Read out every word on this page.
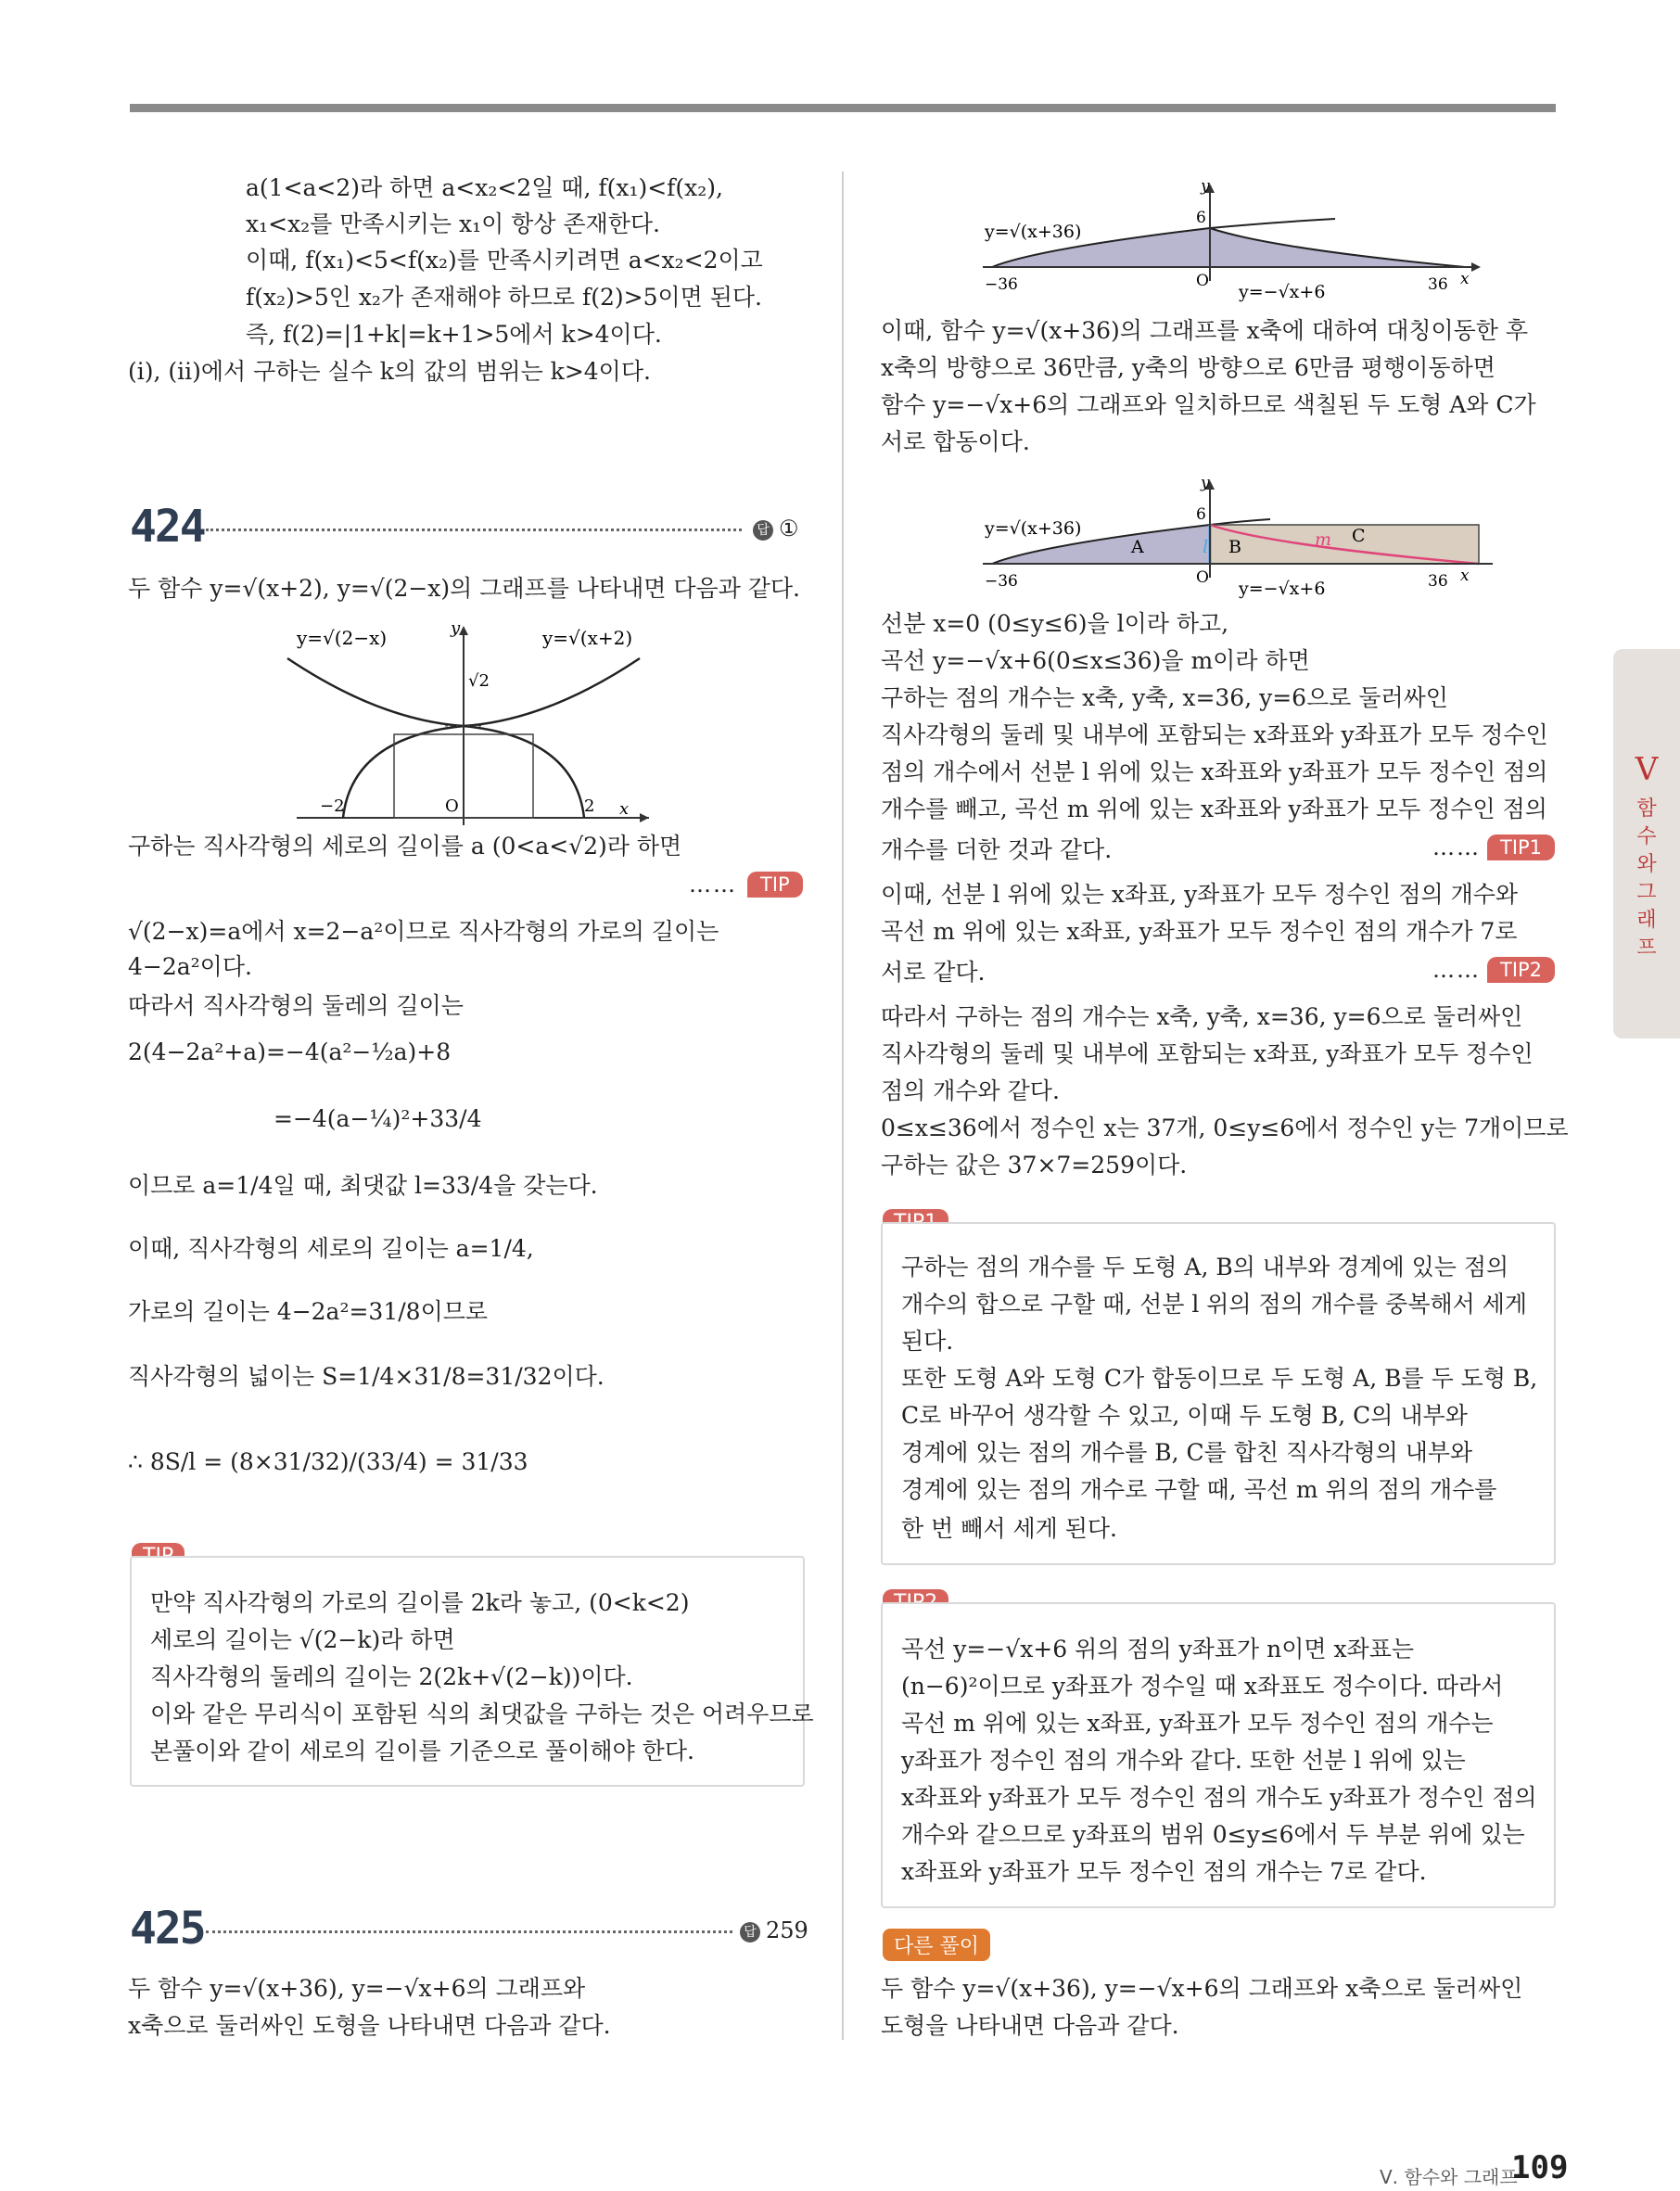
a(1<a<2)라 하면 a<x₂<2일 때, f(x₁)<f(x₂),
x₁<x₂를 만족시키는 x₁이 항상 존재한다.
이때, f(x₁)<5<f(x₂)를 만족시키려면 a<x₂<2이고
f(x₂)>5인 x₂가 존재해야 하므로 f(2)>5이면 된다.
즉, f(2)=|1+k|=k+1>5에서 k>4이다.
(ⅰ), (ⅱ)에서 구하는 실수 k의 값의 범위는 k>4이다.
424	답 ①
두 함수 y=√(x+2), y=√(2−x)의 그래프를 나타내면 다음과 같다.
y=√(2−x)	y=√(x+2)
y
x
O
−2	2
√2
구하는 직사각형의 세로의 길이를 a (0<a<√2)라 하면
……	TIP
√(2−x)=a에서 x=2−a²이므로 직사각형의 가로의 길이는
4−2a²이다.
따라서 직사각형의 둘레의 길이는
2(4−2a²+a)=−4(a²−½a)+8
=−4(a−¼)²+33/4
이므로 a=1/4일 때, 최댓값 l=33/4을 갖는다.
이때, 직사각형의 세로의 길이는 a=1/4,
가로의 길이는 4−2a²=31/8이므로
직사각형의 넓이는 S=1/4×31/8=31/32이다.
∴ 8S/l = (8×31/32)/(33/4) = 31/33
만약 직사각형의 가로의 길이를 2k라 놓고, (0<k<2)
세로의 길이는 √(2−k)라 하면
직사각형의 둘레의 길이는 2(2k+√(2−k))이다.
이와 같은 무리식이 포함된 식의 최댓값을 구하는 것은 어려우므로
본풀이와 같이 세로의 길이를 기준으로 풀이해야 한다.
425	답 259
두 함수 y=√(x+36), y=−√x+6의 그래프와
x축으로 둘러싸인 도형을 나타내면 다음과 같다.
y=√(x+36)
y=−√x+6
y
x
O
−36	36
6
이때, 함수 y=√(x+36)의 그래프를 x축에 대하여 대칭이동한 후
x축의 방향으로 36만큼, y축의 방향으로 6만큼 평행이동하면
함수 y=−√x+6의 그래프와 일치하므로 색칠된 두 도형 A와 C가
서로 합동이다.
y=√(x+36)
y=−√x+6
y
x
O
−36	36
6
A	B
C
l	m
선분 x=0 (0≤y≤6)을 l이라 하고,
곡선 y=−√x+6(0≤x≤36)을 m이라 하면
구하는 점의 개수는 x축, y축, x=36, y=6으로 둘러싸인
직사각형의 둘레 및 내부에 포함되는 x좌표와 y좌표가 모두 정수인
점의 개수에서 선분 l 위에 있는 x좌표와 y좌표가 모두 정수인 점의
개수를 빼고, 곡선 m 위에 있는 x좌표와 y좌표가 모두 정수인 점의
개수를 더한 것과 같다.	……	TIP1
이때, 선분 l 위에 있는 x좌표, y좌표가 모두 정수인 점의 개수와
곡선 m 위에 있는 x좌표, y좌표가 모두 정수인 점의 개수가 7로
서로 같다.	……	TIP2
따라서 구하는 점의 개수는 x축, y축, x=36, y=6으로 둘러싸인
직사각형의 둘레 및 내부에 포함되는 x좌표, y좌표가 모두 정수인
점의 개수와 같다.
0≤x≤36에서 정수인 x는 37개, 0≤y≤6에서 정수인 y는 7개이므로
구하는 값은 37×7=259이다.
구하는 점의 개수를 두 도형 A, B의 내부와 경계에 있는 점의
개수의 합으로 구할 때, 선분 l 위의 점의 개수를 중복해서 세게
된다.
또한 도형 A와 도형 C가 합동이므로 두 도형 A, B를 두 도형 B,
C로 바꾸어 생각할 수 있고, 이때 두 도형 B, C의 내부와
경계에 있는 점의 개수를 B, C를 합친 직사각형의 내부와
경계에 있는 점의 개수로 구할 때, 곡선 m 위의 점의 개수를
한 번 빼서 세게 된다.
곡선 y=−√x+6 위의 점의 y좌표가 n이면 x좌표는
(n−6)²이므로 y좌표가 정수일 때 x좌표도 정수이다. 따라서
곡선 m 위에 있는 x좌표, y좌표가 모두 정수인 점의 개수는
y좌표가 정수인 점의 개수와 같다. 또한 선분 l 위에 있는
x좌표와 y좌표가 모두 정수인 점의 개수도 y좌표가 정수인 점의
개수와 같으므로 y좌표의 범위 0≤y≤6에서 두 부분 위에 있는
x좌표와 y좌표가 모두 정수인 점의 개수는 7로 같다.
다른 풀이
두 함수 y=√(x+36), y=−√x+6의 그래프와 x축으로 둘러싸인
도형을 나타내면 다음과 같다.
Ⅴ
함
수
와
그
래
프
Ⅴ. 함수와 그래프
109
